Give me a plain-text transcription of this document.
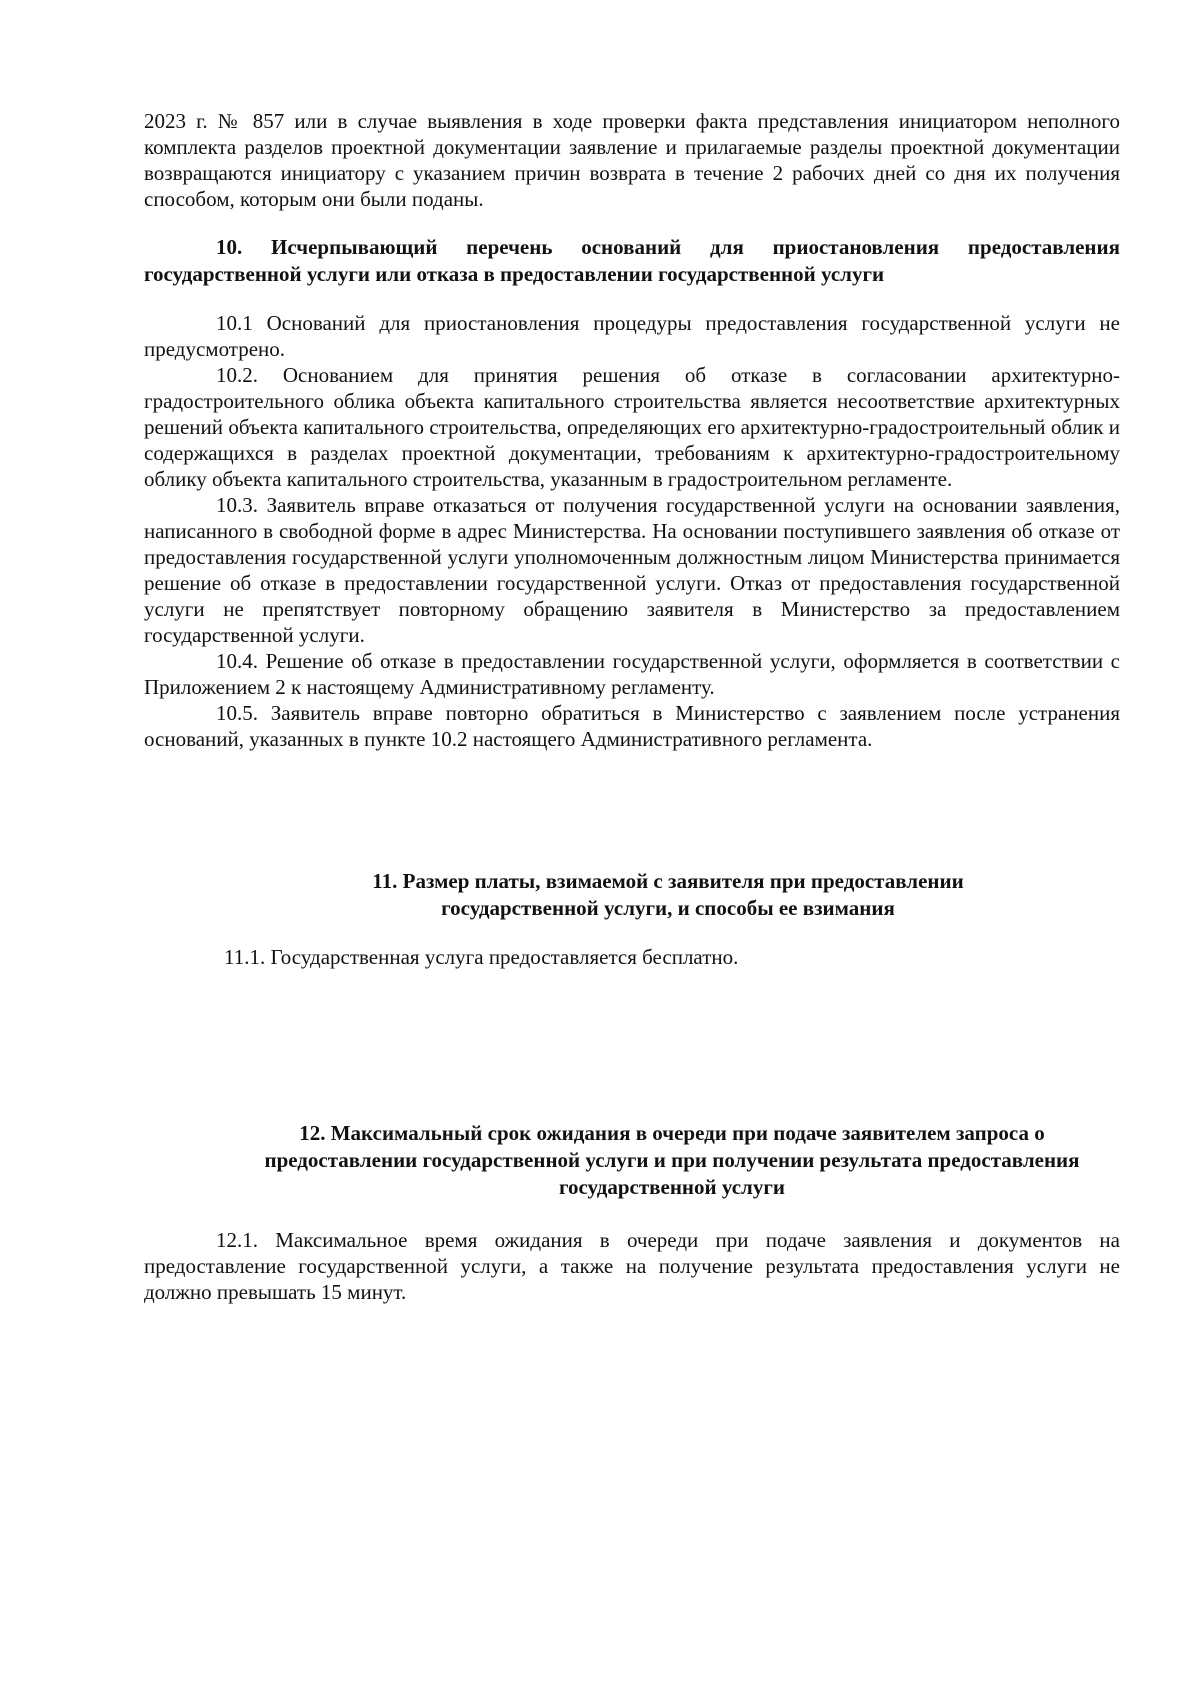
2023 г. № 857 или в случае выявления в ходе проверки факта представления инициатором неполного комплекта разделов проектной документации заявление и прилагаемые разделы проектной документации возвращаются инициатору с указанием причин возврата в течение 2 рабочих дней со дня их получения способом, которым они были поданы.

10. Исчерпывающий перечень оснований для приостановления предоставления государственной услуги или отказа в предоставлении государственной услуги

10.1 Оснований для приостановления процедуры предоставления государственной услуги не предусмотрено.

10.2. Основанием для принятия решения об отказе в согласовании архитектурно-градостроительного облика объекта капитального строительства является несоответствие архитектурных решений объекта капитального строительства, определяющих его архитектурно-градостроительный облик и содержащихся в разделах проектной документации, требованиям к архитектурно-градостроительному облику объекта капитального строительства, указанным в градостроительном регламенте.

10.3. Заявитель вправе отказаться от получения государственной услуги на основании заявления, написанного в свободной форме в адрес Министерства. На основании поступившего заявления об отказе от предоставления государственной услуги уполномоченным должностным лицом Министерства принимается решение об отказе в предоставлении государственной услуги. Отказ от предоставления государственной услуги не препятствует повторному обращению заявителя в Министерство за предоставлением государственной услуги.

10.4. Решение об отказе в предоставлении государственной услуги, оформляется в соответствии с Приложением 2 к настоящему Административному регламенту.

10.5. Заявитель вправе повторно обратиться в Министерство с заявлением после устранения оснований, указанных в пункте 10.2 настоящего Административного регламента.

11. Размер платы, взимаемой с заявителя при предоставлении
государственной услуги, и способы ее взимания

11.1. Государственная услуга предоставляется бесплатно.

12. Максимальный срок ожидания в очереди при подаче заявителем запроса о
предоставлении государственной услуги и при получении результата предоставления
государственной услуги

12.1. Максимальное время ожидания в очереди при подаче заявления и документов на предоставление государственной услуги, а также на получение результата предоставления услуги не должно превышать 15 минут.
